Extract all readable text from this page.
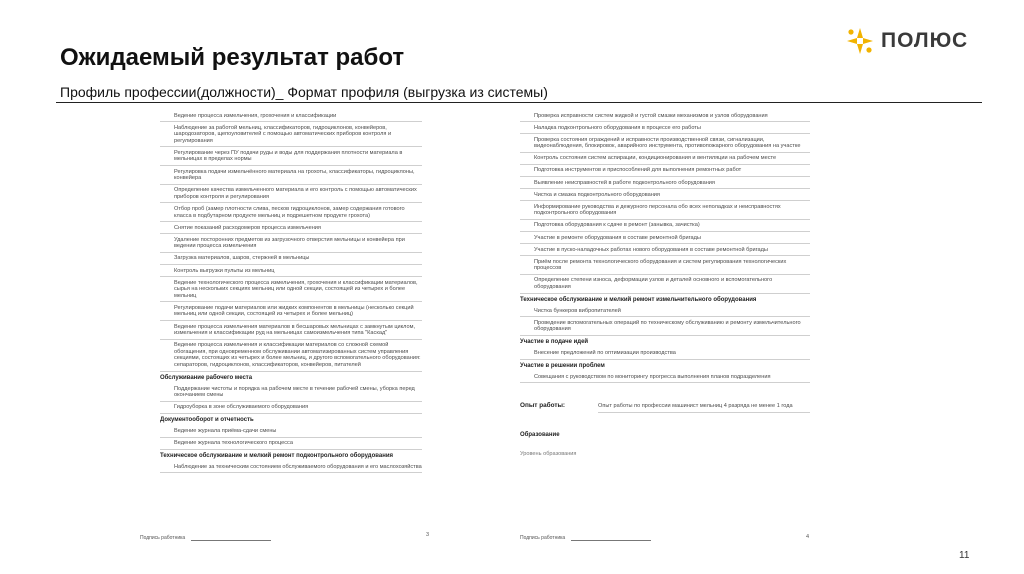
Ожидаемый результат работ
ПОЛЮС
Профиль профессии(должности)_ Формат профиля (выгрузка из системы)
Ведение процесса измельчения, грохочения и классификации
Наблюдение за работой мельниц, классификаторов, гидроциклонов, конвейеров, шародозаторов, щепоуловителей с помощью автоматических приборов контроля и регулирования
Регулирование через ПУ подачи руды и воды для поддержания плотности материала в мельницах в пределах нормы
Регулировка подачи измельчённого материала на грохоты, классификаторы, гидроциклоны, конвейера
Определение качества измельченного материала и его контроль с помощью автоматических приборов контроля и регулирования
Отбор проб (замер плотности слива, песков гидроциклонов, замер содержания готового класса в подбутарном продукте мельниц и подрешетном продукте грохота)
Снятие показаний расходомеров процесса измельчения
Удаление посторонних предметов из загрузочного отверстия мельницы и конвейера при ведении процесса измельчения
Загрузка материалов, шаров, стержней в мельницы
Контроль выгрузки пульпы из мельниц
Ведение технологического процесса измельчения, грохочения и классификации материалов, сырья на нескольких секциях мельниц или одной секции, состоящей из четырех и более мельниц
Регулирование подачи материалов или жидких компонентов в мельницы (несколько секций мельниц или одной секции, состоящей из четырех и более мельниц)
Ведение процесса измельчения материалов в бесшаровых мельницах с замкнутым циклом, измельчения и классификации руд на мельницах самоизмельчения типа "Каскад"
Ведение процесса измельчения и классификации материалов со сложной схемой обогащения, при одновременном обслуживании автоматизированных систем управления секциями, состоящих из четырех и более мельниц, и другого вспомогательного оборудования: сепараторов, гидроциклонов, классификаторов, конвейеров, питателей
Обслуживание рабочего места
Поддержание чистоты и порядка на рабочем месте в течение рабочей смены, уборка перед окончанием смены
Гидроуборка в зоне обслуживаемого оборудования
Документооборот и отчетность
Ведение журнала приёма-сдачи смены
Ведение журнала технологического процесса
Техническое обслуживание и мелкий ремонт подконтрольного оборудования
Наблюдение за техническим состоянием обслуживаемого оборудования и его маслохозяйства
Подпись работника	3
Проверка исправности систем жидкой и густой смазки механизмов и узлов оборудования
Наладка подконтрольного оборудования в процессе его работы
Проверка состояния ограждений и исправности производственной связи, сигнализации, видеонаблюдения, блокировок, аварийного инструмента, противопожарного оборудования на участке
Контроль состояния систем аспирации, кондиционирования и вентиляции на рабочем месте
Подготовка инструментов и приспособлений для выполнения ремонтных работ
Выявление неисправностей в работе подконтрольного оборудования
Чистка и смазка подконтрольного оборудования
Информирование руководства и дежурного персонала обо всех неполадках и неисправностях подконтрольного оборудования
Подготовка оборудования к сдаче в ремонт (занывка, зачистка)
Участие в ремонте оборудования в составе ремонтной бригады
Участие в пуско-наладочных работах нового оборудования в составе ремонтной бригады
Приём после ремонта технологического оборудования и систем регулирования технологических процессов
Определение степени износа, деформации узлов и деталей основного и вспомогательного оборудования
Техническое обслуживание и мелкий ремонт измельчительного оборудования
Чистка бункеров вибропитателей
Проведение вспомогательных операций по техническому обслуживанию и ремонту измельчительного оборудования
Участие в подаче идей
Внесение предложений по оптимизации производства
Участие в решении проблем
Совещания с руководством по мониторингу прогресса выполнения планов подразделения
Опыт работы:	Опыт работы по профессии машинист мельниц 4 разряда не менее 1 года
Образование
Уровень образования
Подпись работника	4
11
